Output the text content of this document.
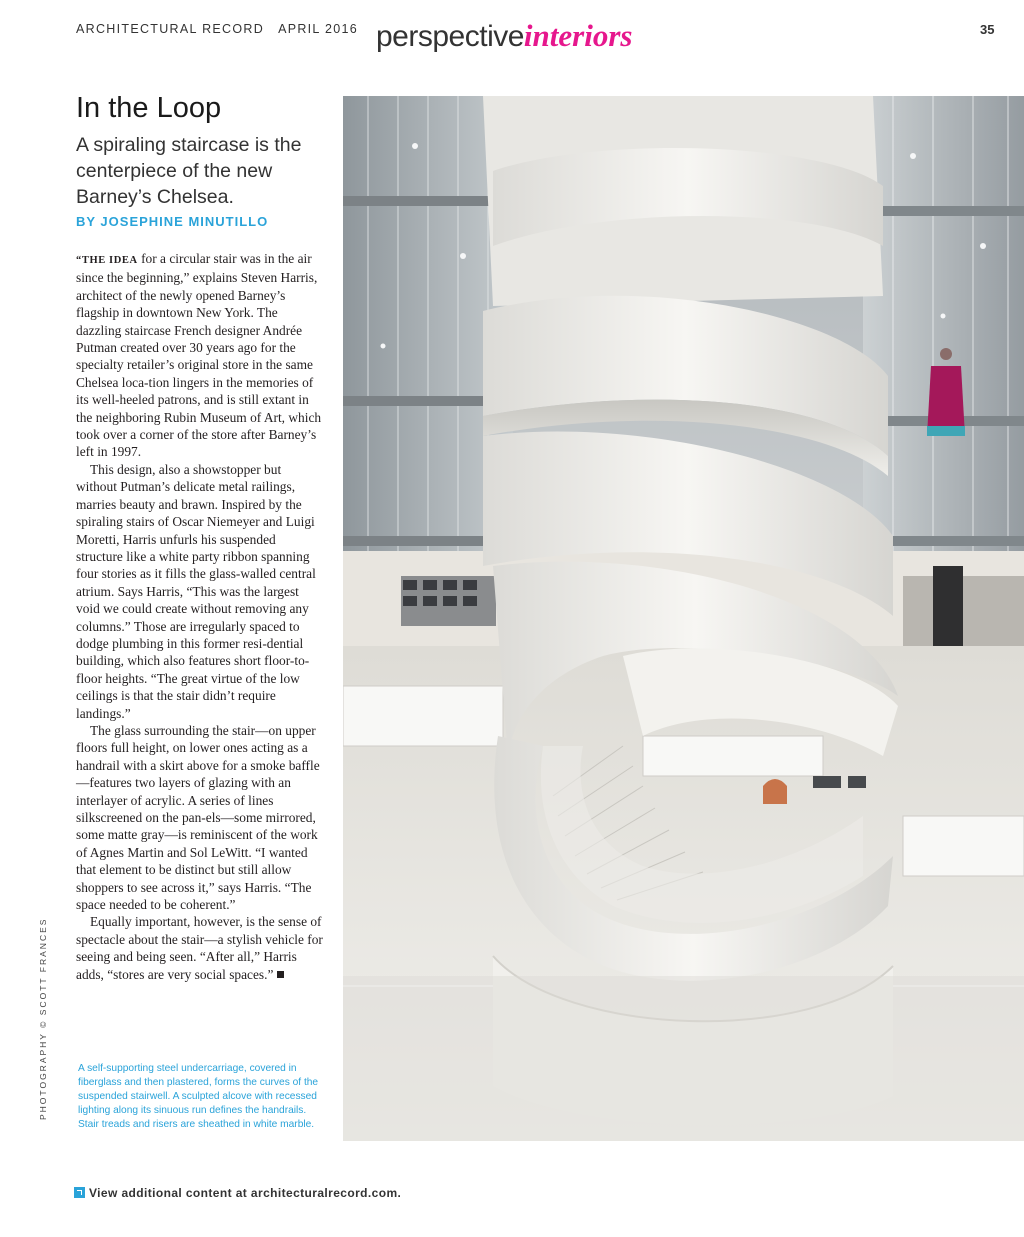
ARCHITECTURAL RECORD APRIL 2016 perspectiveinteriors	35
In the Loop

A spiraling staircase is the centerpiece of the new Barney’s Chelsea.

BY JOSEPHINE MINUTILLO

“THE IDEA for a circular stair was in the air since the beginning,” explains Steven Harris, architect of the newly opened Barney’s flagship in downtown New York. The dazzling staircase French designer Andrée Putman created over 30 years ago for the specialty retailer’s original store in the same Chelsea loca-tion lingers in the memories of its well-heeled patrons, and is still extant in the neighboring Rubin Museum of Art, which took over a corner of the store after Barney’s left in 1997.

This design, also a showstopper but without Putman’s delicate metal railings, marries beauty and brawn. Inspired by the spiraling stairs of Oscar Niemeyer and Luigi Moretti, Harris unfurls his suspended structure like a white party ribbon spanning four stories as it fills the glass-walled central atrium. Says Harris, “This was the largest void we could create without removing any columns.” Those are irregularly spaced to dodge plumbing in this former resi-dential building, which also features short floor-to-floor heights. “The great virtue of the low ceilings is that the stair didn’t require landings.”

The glass surrounding the stair—on upper floors full height, on lower ones acting as a handrail with a skirt above for a smoke baffle—features two layers of glazing with an interlayer of acrylic. A series of lines silkscreened on the pan-els—some mirrored, some matte gray—is reminiscent of the work of Agnes Martin and Sol LeWitt. “I wanted that element to be distinct but still allow shoppers to see across it,” says Harris. “The space needed to be coherent.”

Equally important, however, is the sense of spectacle about the stair—a stylish vehicle for seeing and being seen. “After all,” Harris adds, “stores are very social spaces.”

A self-supporting steel undercarriage, covered in fiberglass and then plastered, forms the curves of the suspended stairwell. A sculpted alcove with recessed lighting along its sinuous run defines the handrails. Stair treads and risers are sheathed in white marble.
PHOTOGRAPHY © SCOTT FRANCES
View additional content at architecturalrecord.com.
